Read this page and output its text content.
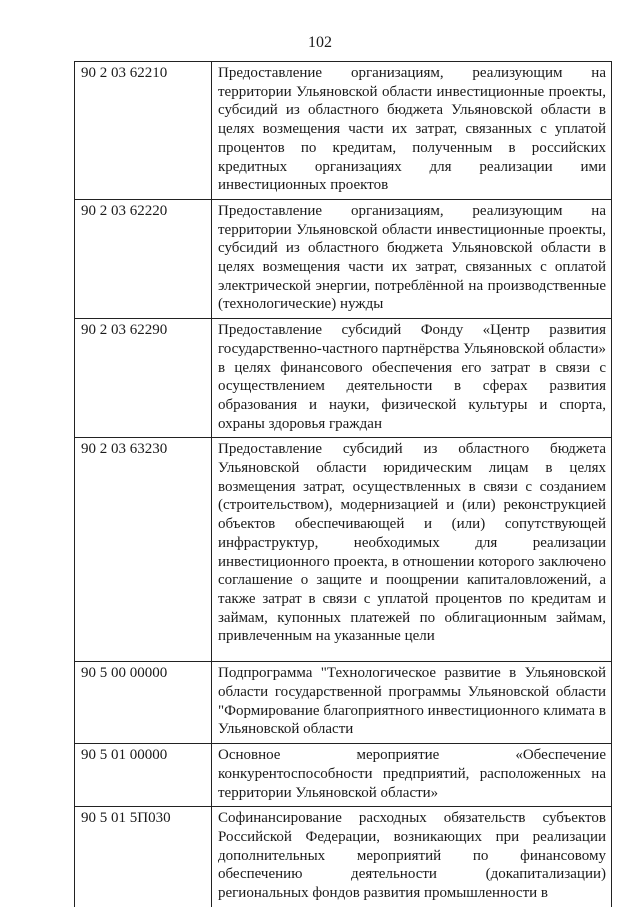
102
90 2 03 62210	Предоставление организациям, реализующим на территории Ульяновской области инвестиционные проекты, субсидий из областного бюджета Ульяновской области в целях возмещения части их затрат, связанных с уплатой процентов по кредитам, полученным в российских кредитных организациях для реализации ими инвестиционных проектов

90 2 03 62220	Предоставление организациям, реализующим на территории Ульяновской области инвестиционные проекты, субсидий из областного бюджета Ульяновской области в целях возмещения части их затрат, связанных с оплатой электрической энергии, потреблённой на производственные (технологические) нужды

90 2 03 62290	Предоставление субсидий Фонду «Центр развития государственно-частного партнёрства Ульяновской области» в целях финансового обеспечения его затрат в связи с осуществлением деятельности в сферах развития образования и науки, физической культуры и спорта, охраны здоровья граждан

90 2 03 63230	Предоставление субсидий из областного бюджета Ульяновской области юридическим лицам в целях возмещения затрат, осуществленных в связи с созданием (строительством), модернизацией и (или) реконструкцией объектов обеспечивающей и (или) сопутствующей инфраструктур, необходимых для реализации инвестиционного проекта, в отношении которого заключено соглашение о защите и поощрении капиталовложений, а также затрат в связи с уплатой процентов по кредитам и займам, купонных платежей по облигационным займам, привлеченным на указанные цели

90 5 00 00000	Подпрограмма "Технологическое развитие в Ульяновской области государственной программы Ульяновской области "Формирование благоприятного инвестиционного климата в Ульяновской области

90 5 01 00000	Основное мероприятие «Обеспечение конкурентоспособности предприятий, расположенных на территории Ульяновской области»

90 5 01 5П030	Софинансирование расходных обязательств субъектов Российской Федерации, возникающих при реализации дополнительных мероприятий по финансовому обеспечению деятельности (докапитализации) региональных фондов развития промышленности в
